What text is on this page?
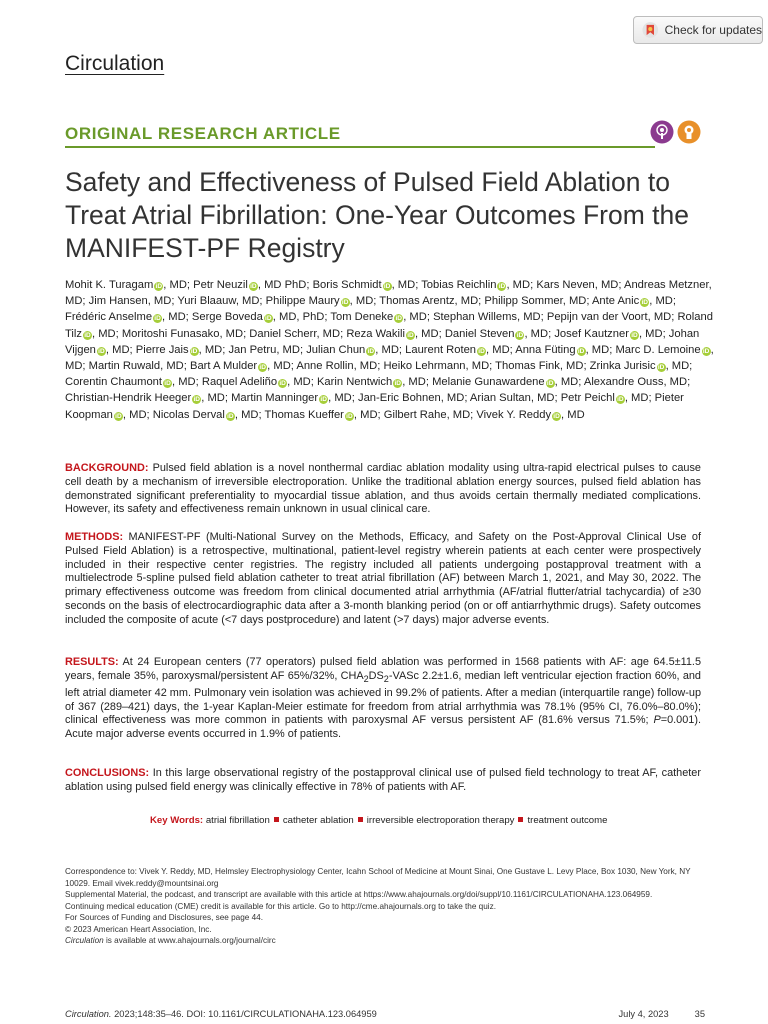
Check for updates
Circulation
ORIGINAL RESEARCH ARTICLE
Safety and Effectiveness of Pulsed Field Ablation to Treat Atrial Fibrillation: One-Year Outcomes From the MANIFEST-PF Registry
Mohit K. Turagam iD, MD; Petr Neuzil iD, MD PhD; Boris Schmidt iD, MD; Tobias Reichlin iD, MD; Kars Neven, MD; Andreas Metzner, MD; Jim Hansen, MD; Yuri Blaauw, MD; Philippe Maury iD, MD; Thomas Arentz, MD; Philipp Sommer, MD; Ante Anic iD, MD; Frédéric Anselme iD, MD; Serge Boveda iD, MD, PhD; Tom Deneke iD, MD; Stephan Willems, MD; Pepijn van der Voort, MD; Roland Tilz iD, MD; Moritoshi Funasako, MD; Daniel Scherr, MD; Reza Wakili iD, MD; Daniel Steven iD, MD; Josef Kautzner iD, MD; Johan Vijgen iD, MD; Pierre Jais iD, MD; Jan Petru, MD; Julian Chun iD, MD; Laurent Roten iD, MD; Anna Füting iD, MD; Marc D. Lemoine iD, MD; Martin Ruwald, MD; Bart A Mulder iD, MD; Anne Rollin, MD; Heiko Lehrmann, MD; Thomas Fink, MD; Zrinka Jurisic iD, MD; Corentin Chaumont iD, MD; Raquel Adeliño iD, MD; Karin Nentwich iD, MD; Melanie Gunawardene iD, MD; Alexandre Ouss, MD; Christian-Hendrik Heeger iD, MD; Martin Manninger iD, MD; Jan-Eric Bohnen, MD; Arian Sultan, MD; Petr Peichl iD, MD; Pieter Koopman iD, MD; Nicolas Derval iD, MD; Thomas Kueffer iD, MD; Gilbert Rahe, MD; Vivek Y. Reddy iD, MD
BACKGROUND: Pulsed field ablation is a novel nonthermal cardiac ablation modality using ultra-rapid electrical pulses to cause cell death by a mechanism of irreversible electroporation. Unlike the traditional ablation energy sources, pulsed field ablation has demonstrated significant preferentiality to myocardial tissue ablation, and thus avoids certain thermally mediated complications. However, its safety and effectiveness remain unknown in usual clinical care.
METHODS: MANIFEST-PF (Multi-National Survey on the Methods, Efficacy, and Safety on the Post-Approval Clinical Use of Pulsed Field Ablation) is a retrospective, multinational, patient-level registry wherein patients at each center were prospectively included in their respective center registries. The registry included all patients undergoing postapproval treatment with a multielectrode 5-spline pulsed field ablation catheter to treat atrial fibrillation (AF) between March 1, 2021, and May 30, 2022. The primary effectiveness outcome was freedom from clinical documented atrial arrhythmia (AF/atrial flutter/atrial tachycardia) of ≥30 seconds on the basis of electrocardiographic data after a 3-month blanking period (on or off antiarrhythmic drugs). Safety outcomes included the composite of acute (<7 days postprocedure) and latent (>7 days) major adverse events.
RESULTS: At 24 European centers (77 operators) pulsed field ablation was performed in 1568 patients with AF: age 64.5±11.5 years, female 35%, paroxysmal/persistent AF 65%/32%, $CHA_2DS_2$-VASc 2.2±1.6, median left ventricular ejection fraction 60%, and left atrial diameter 42 mm. Pulmonary vein isolation was achieved in 99.2% of patients. After a median (interquartile range) follow-up of 367 (289–421) days, the 1-year Kaplan-Meier estimate for freedom from atrial arrhythmia was 78.1% (95% CI, 76.0%–80.0%); clinical effectiveness was more common in patients with paroxysmal AF versus persistent AF (81.6% versus 71.5%; P=0.001). Acute major adverse events occurred in 1.9% of patients.
CONCLUSIONS: In this large observational registry of the postapproval clinical use of pulsed field technology to treat AF, catheter ablation using pulsed field energy was clinically effective in 78% of patients with AF.
Key Words: atrial fibrillation catheter ablation irreversible electroporation therapy treatment outcome
Correspondence to: Vivek Y. Reddy, MD, Helmsley Electrophysiology Center, Icahn School of Medicine at Mount Sinai, One Gustave L. Levy Place, Box 1030, New York, NY 10029. Email vivek.reddy@mountsinai.org
Supplemental Material, the podcast, and transcript are available with this article at https://www.ahajournals.org/doi/suppl/10.1161/CIRCULATIONAHA.123.064959.
Continuing medical education (CME) credit is available for this article. Go to http://cme.ahajournals.org to take the quiz.
For Sources of Funding and Disclosures, see page 44.
© 2023 American Heart Association, Inc.
Circulation is available at www.ahajournals.org/journal/circ
Circulation. 2023;148:35–46. DOI: 10.1161/CIRCULATIONAHA.123.064959	July 4, 2023	35
